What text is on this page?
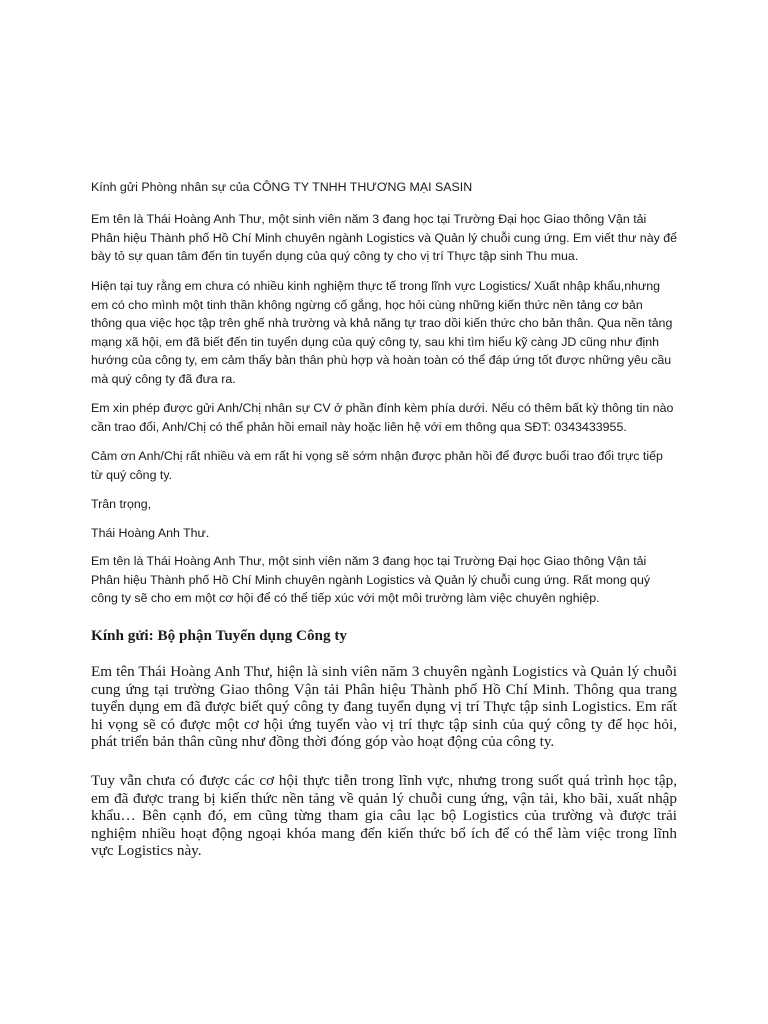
Kính gửi Phòng nhân sự của CÔNG TY TNHH THƯƠNG MẠI SASIN

Em tên là Thái Hoàng Anh Thư, một sinh viên năm 3 đang học tại Trường Đại học Giao thông Vận tải Phân hiệu Thành phố Hồ Chí Minh chuyên ngành Logistics và Quản lý chuỗi cung ứng. Em viết thư này để bày tỏ sự quan tâm đến tin tuyển dụng của quý công ty cho vị trí Thực tập sinh Thu mua.

Hiện tại tuy rằng em chưa có nhiều kinh nghiệm thực tế trong lĩnh vực Logistics/ Xuất nhập khẩu,nhưng em có cho mình một tinh thần không ngừng cố gắng, học hỏi cùng những kiến thức nền tảng cơ bản thông qua việc học tập trên ghế nhà trường và khả năng tự trao dồi kiến thức cho bản thân. Qua nền tảng mạng xã hội, em đã biết đến tin tuyển dụng của quý công ty, sau khi tìm hiểu kỹ càng JD cũng như định hướng của công ty, em cảm thấy bản thân phù hợp và hoàn toàn có thể đáp ứng tốt được những yêu cầu mà quý công ty đã đưa ra.

Em xin phép được gửi Anh/Chị nhân sự CV ở phần đính kèm phía dưới. Nếu có thêm bất kỳ thông tin nào cần trao đổi, Anh/Chị có thể phản hồi email này hoặc liên hệ với em thông qua SĐT: 0343433955.

Cảm ơn Anh/Chị rất nhiều và em rất hi vọng sẽ sớm nhận được phản hồi để được buổi trao đổi trực tiếp từ quý công ty.

Trân trọng,

Thái Hoàng Anh Thư.

Em tên là Thái Hoàng Anh Thư, một sinh viên năm 3 đang học tại Trường Đại học Giao thông Vận tải Phân hiệu Thành phố Hồ Chí Minh chuyên ngành Logistics và Quản lý chuỗi cung ứng. Rất mong quý công ty sẽ cho em một cơ hội để có thể tiếp xúc với một môi trường làm việc chuyên nghiệp.

Kính gửi: Bộ phận Tuyển dụng Công ty

Em tên Thái Hoàng Anh Thư, hiện là sinh viên năm 3 chuyên ngành Logistics và Quản lý chuỗi cung ứng tại trường Giao thông Vận tải Phân hiệu Thành phố Hồ Chí Minh. Thông qua trang tuyển dụng em đã được biết quý công ty đang tuyển dụng vị trí Thực tập sinh Logistics. Em rất hi vọng sẽ có được một cơ hội ứng tuyển vào vị trí thực tập sinh của quý công ty để học hỏi, phát triển bản thân cũng như đồng thời đóng góp vào hoạt động của công ty.

Tuy vẫn chưa có được các cơ hội thực tiễn trong lĩnh vực, nhưng trong suốt quá trình học tập, em đã được trang bị kiến thức nền tảng về quản lý chuỗi cung ứng, vận tải, kho bãi, xuất nhập khẩu… Bên cạnh đó, em cũng từng tham gia câu lạc bộ Logistics của trường và được trải nghiệm nhiều hoạt động ngoại khóa mang đến kiến thức bổ ích để có thể làm việc trong lĩnh vực Logistics này.
